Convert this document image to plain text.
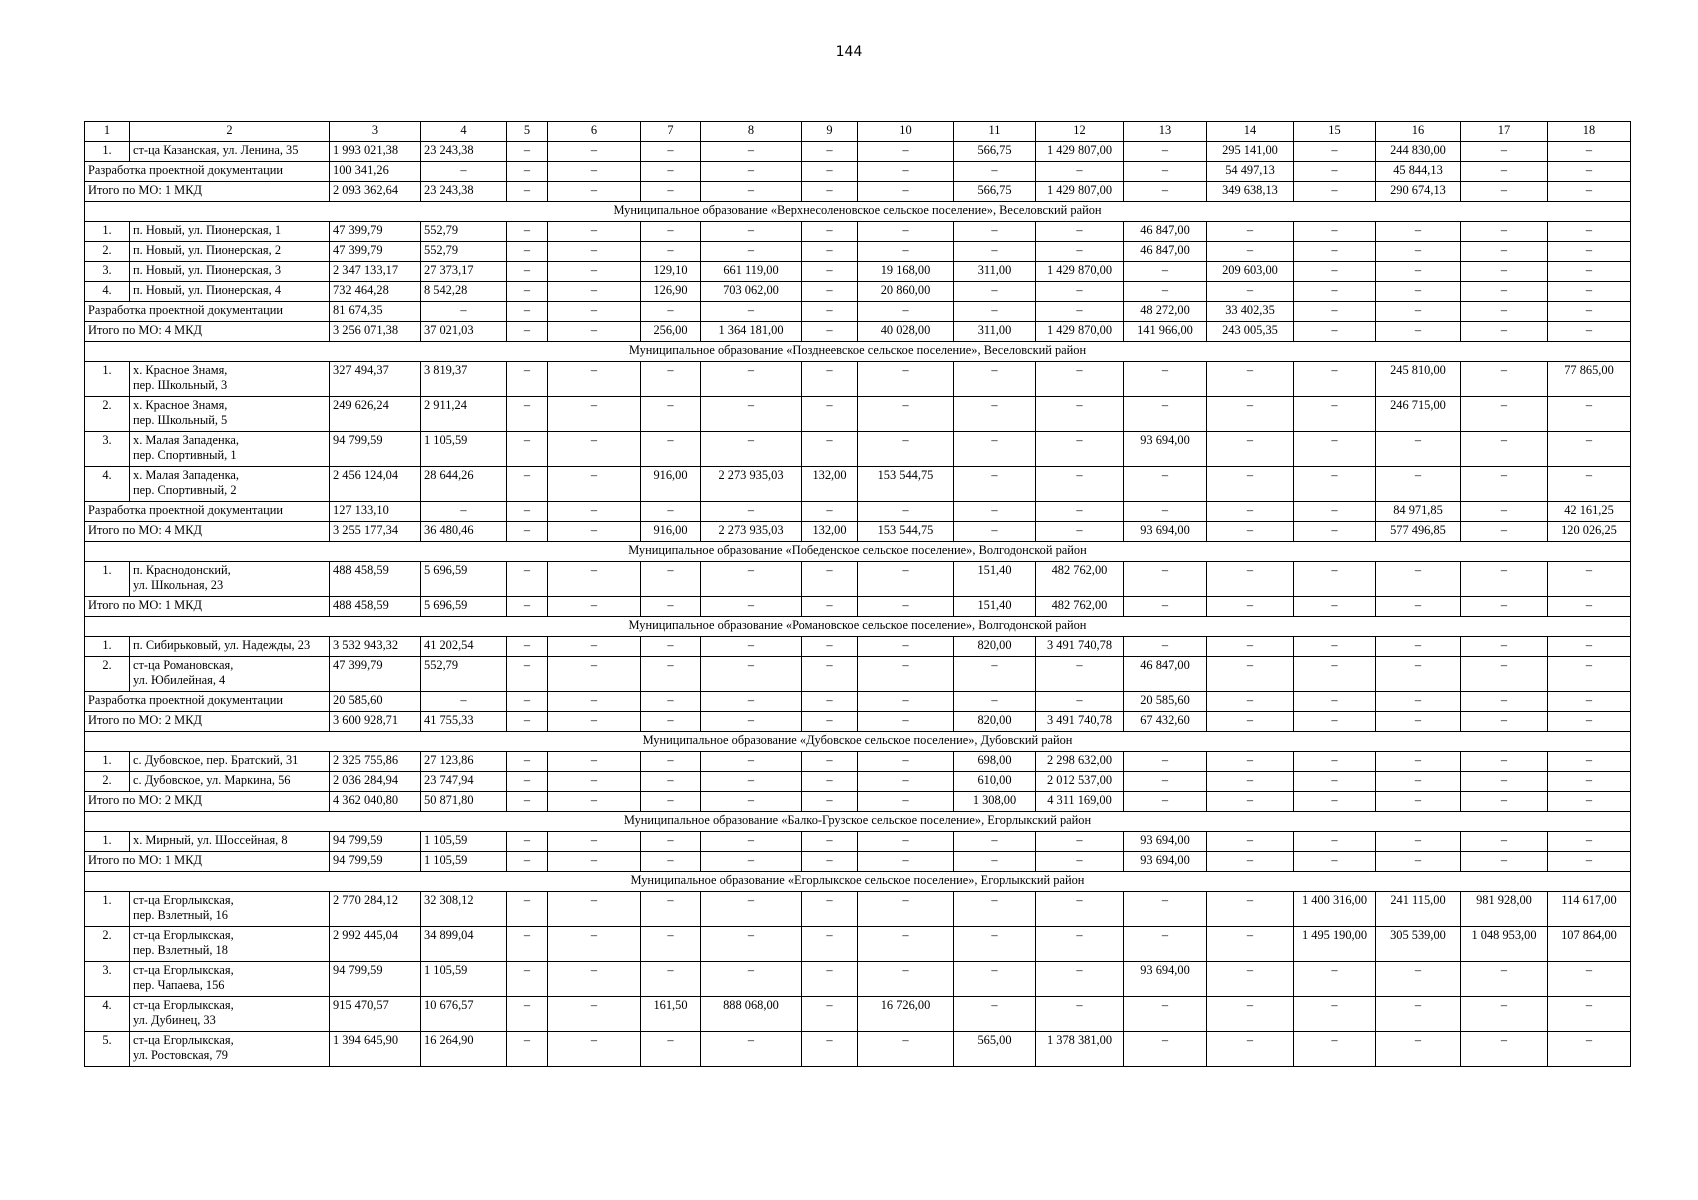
144
1	2	3	4	5	6	7	8	9	10	11	12	13	14	15	16	17	18
1.	ст-ца Казанская, ул. Ленина, 35	1 993 021,38	23 243,38	–	–	–	–	–	–	566,75	1 429 807,00	–	295 141,00	–	244 830,00	–	–
Разработка проектной документации		100 341,26	–	–	–	–	–	–	–	–	–	–	54 497,13	–	45 844,13	–	–
Итого по МО: 1 МКД		2 093 362,64	23 243,38	–	–	–	–	–	–	566,75	1 429 807,00	–	349 638,13	–	290 674,13	–	–
Муниципальное образование «Верхнесоленовское сельское поселение», Веселовский район																	
1.	п. Новый, ул. Пионерская, 1	47 399,79	552,79	–	–	–	–	–	–	–	–	46 847,00	–	–	–	–	–
2.	п. Новый, ул. Пионерская, 2	47 399,79	552,79	–	–	–	–	–	–	–	–	46 847,00	–	–	–	–	–
3.	п. Новый, ул. Пионерская, 3	2 347 133,17	27 373,17	–	–	129,10	661 119,00	–	19 168,00	311,00	1 429 870,00	–	209 603,00	–	–	–	–
4.	п. Новый, ул. Пионерская, 4	732 464,28	8 542,28	–	–	126,90	703 062,00	–	20 860,00	–	–	–	–	–	–	–	–
Разработка проектной документации		81 674,35	–	–	–	–	–	–	–	–	–	48 272,00	33 402,35	–	–	–	–
Итого по МО: 4 МКД		3 256 071,38	37 021,03	–	–	256,00	1 364 181,00	–	40 028,00	311,00	1 429 870,00	141 966,00	243 005,35	–	–	–	–
Муниципальное образование «Позднеевское сельское поселение», Веселовский район																	
1.	х. Красное Знамя,
пер. Школьный, 3	327 494,37	3 819,37	–	–	–	–	–	–	–	–	–	–	–	245 810,00	–	77 865,00
2.	х. Красное Знамя,
пер. Школьный, 5	249 626,24	2 911,24	–	–	–	–	–	–	–	–	–	–	–	246 715,00	–	–
3.	х. Малая Западенка,
пер. Спортивный, 1	94 799,59	1 105,59	–	–	–	–	–	–	–	–	93 694,00	–	–	–	–	–
4.	х. Малая Западенка,
пер. Спортивный, 2	2 456 124,04	28 644,26	–	–	916,00	2 273 935,03	132,00	153 544,75	–	–	–	–	–	–	–	–
Разработка проектной документации		127 133,10	–	–	–	–	–	–	–	–	–	–	–	–	84 971,85	–	42 161,25
Итого по МО: 4 МКД		3 255 177,34	36 480,46	–	–	916,00	2 273 935,03	132,00	153 544,75	–	–	93 694,00	–	–	577 496,85	–	120 026,25
Муниципальное образование «Победенское сельское поселение», Волгодонской район																	
1.	п. Краснодонский,
ул. Школьная, 23	488 458,59	5 696,59	–	–	–	–	–	–	151,40	482 762,00	–	–	–	–	–	–
Итого по МО: 1 МКД		488 458,59	5 696,59	–	–	–	–	–	–	151,40	482 762,00	–	–	–	–	–	–
Муниципальное образование «Романовское сельское поселение», Волгодонской район																	
1.	п. Сибирьковый, ул. Надежды, 23	3 532 943,32	41 202,54	–	–	–	–	–	–	820,00	3 491 740,78	–	–	–	–	–	–
2.	ст-ца Романовская,
ул. Юбилейная, 4	47 399,79	552,79	–	–	–	–	–	–	–	–	46 847,00	–	–	–	–	–
Разработка проектной документации		20 585,60	–	–	–	–	–	–	–	–	–	20 585,60	–	–	–	–	–
Итого по МО: 2 МКД		3 600 928,71	41 755,33	–	–	–	–	–	–	820,00	3 491 740,78	67 432,60	–	–	–	–	–
Муниципальное образование «Дубовское сельское поселение», Дубовский район																	
1.	с. Дубовское, пер. Братский, 31	2 325 755,86	27 123,86	–	–	–	–	–	–	698,00	2 298 632,00	–	–	–	–	–	–
2.	с. Дубовское, ул. Маркина, 56	2 036 284,94	23 747,94	–	–	–	–	–	–	610,00	2 012 537,00	–	–	–	–	–	–
Итого по МО: 2 МКД		4 362 040,80	50 871,80	–	–	–	–	–	–	1 308,00	4 311 169,00	–	–	–	–	–	–
Муниципальное образование «Балко-Грузское сельское поселение», Егорлыкский район																	
1.	х. Мирный, ул. Шоссейная, 8	94 799,59	1 105,59	–	–	–	–	–	–	–	–	93 694,00	–	–	–	–	–
Итого по МО: 1 МКД		94 799,59	1 105,59	–	–	–	–	–	–	–	–	93 694,00	–	–	–	–	–
Муниципальное образование «Егорлыкское сельское поселение», Егорлыкский район																	
1.	ст-ца Егорлыкская,
пер. Взлетный, 16	2 770 284,12	32 308,12	–	–	–	–	–	–	–	–	–	–	1 400 316,00	241 115,00	981 928,00	114 617,00
2.	ст-ца Егорлыкская,
пер. Взлетный, 18	2 992 445,04	34 899,04	–	–	–	–	–	–	–	–	–	–	1 495 190,00	305 539,00	1 048 953,00	107 864,00
3.	ст-ца Егорлыкская,
пер. Чапаева, 156	94 799,59	1 105,59	–	–	–	–	–	–	–	–	93 694,00	–	–	–	–	–
4.	ст-ца Егорлыкская,
ул. Дубинец, 33	915 470,57	10 676,57	–	–	161,50	888 068,00	–	16 726,00	–	–	–	–	–	–	–	–
5.	ст-ца Егорлыкская,
ул. Ростовская, 79	1 394 645,90	16 264,90	–	–	–	–	–	–	565,00	1 378 381,00	–	–	–	–	–	–
